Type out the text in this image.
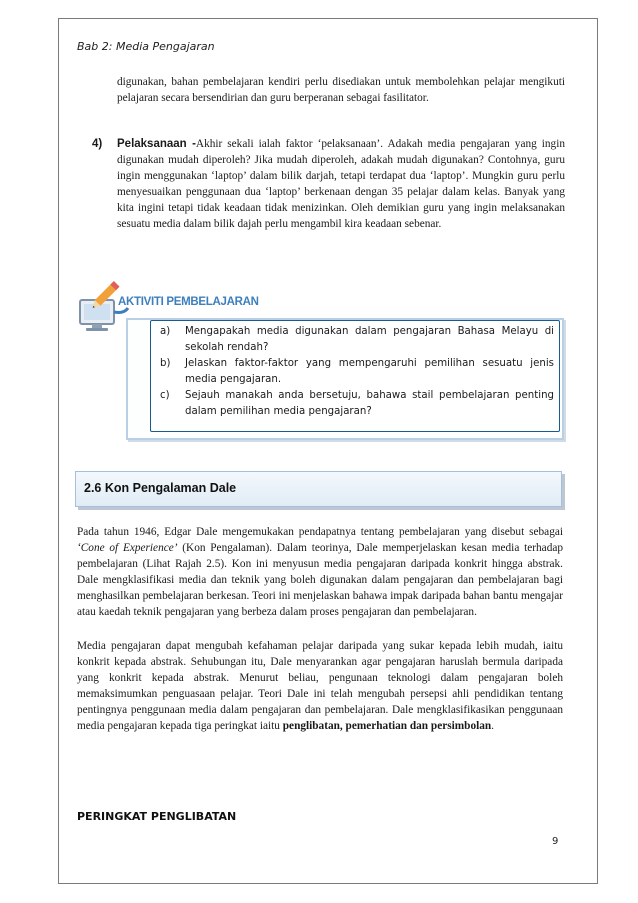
Bab 2: Media Pengajaran
digunakan, bahan pembelajaran kendiri perlu disediakan untuk membolehkan pelajar mengikuti pelajaran secara bersendirian dan guru berperanan sebagai fasilitator.
4) Pelaksanaan -Akhir sekali ialah faktor ‘pelaksanaan’. Adakah media pengajaran yang ingin digunakan mudah diperoleh? Jika mudah diperoleh, adakah mudah digunakan? Contohnya, guru ingin menggunakan ‘laptop’ dalam bilik darjah, tetapi terdapat dua ‘laptop’. Mungkin guru perlu menyesuaikan penggunaan dua ‘laptop’ berkenaan dengan 35 pelajar dalam kelas. Banyak yang kita ingini tetapi tidak keadaan tidak menizinkan. Oleh demikian guru yang ingin melaksanakan sesuatu media dalam bilik dajah perlu mengambil kira keadaan sebenar.
AKTIVITI PEMBELAJARAN
a)	Mengapakah media digunakan dalam pengajaran Bahasa Melayu di sekolah rendah?
b)	Jelaskan faktor-faktor yang mempengaruhi pemilihan sesuatu jenis media pengajaran.
c)	Sejauh manakah anda bersetuju, bahawa stail pembelajaran penting dalam pemilihan media pengajaran?
2.6 Kon Pengalaman Dale
Pada tahun 1946, Edgar Dale mengemukakan pendapatnya tentang pembelajaran yang disebut sebagai ‘Cone of Experience’ (Kon Pengalaman). Dalam teorinya, Dale memperjelaskan kesan media terhadap pembelajaran (Lihat Rajah 2.5). Kon ini menyusun media pengajaran daripada konkrit hingga abstrak. Dale mengklasifikasi media dan teknik yang boleh digunakan dalam pengajaran dan pembelajaran bagi menghasilkan pembelajaran berkesan. Teori ini menjelaskan bahawa impak daripada bahan bantu mengajar atau kaedah teknik pengajaran yang berbeza dalam proses pengajaran dan pembelajaran.
Media pengajaran dapat mengubah kefahaman pelajar daripada yang sukar kepada lebih mudah, iaitu konkrit kepada abstrak. Sehubungan itu, Dale menyarankan agar pengajaran haruslah bermula daripada yang konkrit kepada abstrak. Menurut beliau, pengunaan teknologi dalam pengajaran boleh memaksimumkan penguasaan pelajar. Teori Dale ini telah mengubah persepsi ahli pendidikan tentang pentingnya penggunaan media dalam pengajaran dan pembelajaran. Dale mengklasifikasikan penggunaan media pengajaran kepada tiga peringkat iaitu penglibatan, pemerhatian dan persimbolan.
PERINGKAT PENGLIBATAN
9
